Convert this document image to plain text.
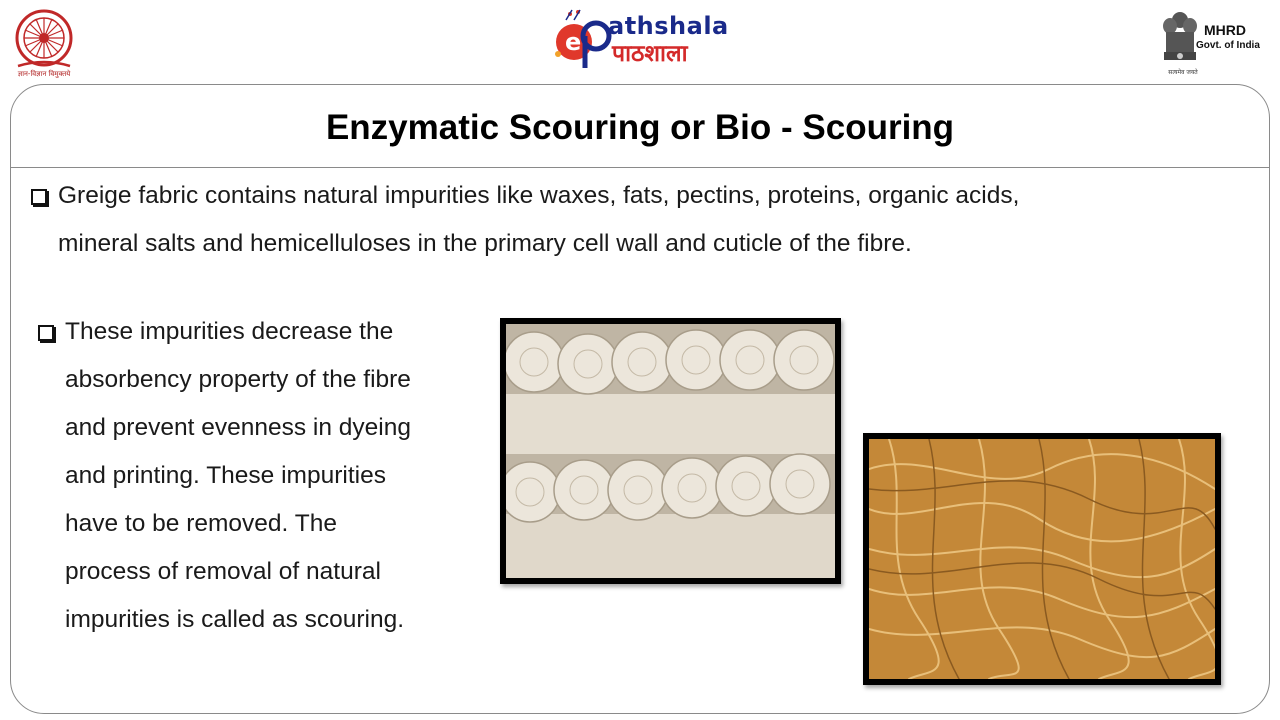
ज्ञान-विज्ञान विमुक्तये
e
athshala
पाठशाला
MHRD
Govt. of India
सत्यमेव जयते
Enzymatic Scouring or Bio - Scouring
Greige fabric contains natural impurities like waxes, fats, pectins, proteins, organic acids,
mineral salts and hemicelluloses in the primary cell wall and cuticle of the fibre.
These impurities decrease the
absorbency property of the fibre
and prevent evenness in dyeing
and printing. These impurities
have to be removed. The
process of removal of natural
impurities is called as scouring.
